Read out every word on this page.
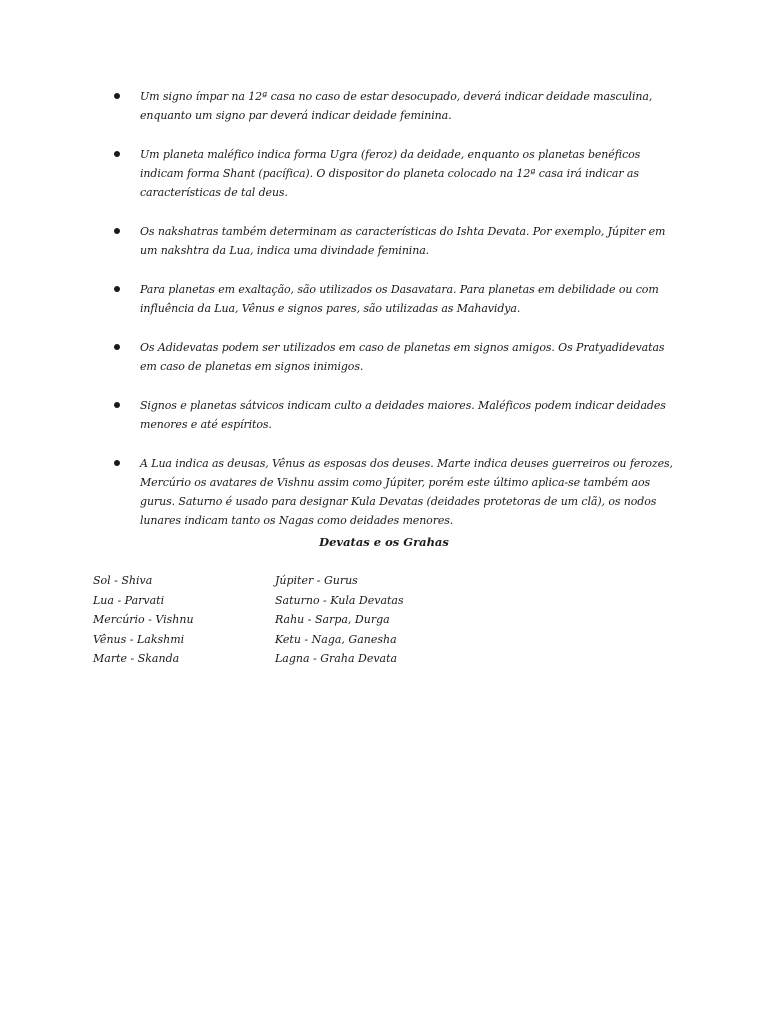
Um signo ímpar na 12ª casa no caso de estar desocupado, deverá indicar deidade masculina, enquanto um signo par deverá indicar deidade feminina.
Um planeta maléfico indica forma Ugra (feroz) da deidade, enquanto os planetas benéficos indicam forma Shant (pacífica). O dispositor do planeta colocado na 12ª casa irá indicar as características de tal deus.
Os nakshatras também determinam as características do Ishta Devata. Por exemplo, Júpiter em um nakshtra da Lua, indica uma divindade feminina.
Para planetas em exaltação, são utilizados os Dasavatara. Para planetas em debilidade ou com influência da Lua, Vênus e signos pares, são utilizadas as Mahavidya.
Os Adidevatas podem ser utilizados em caso de planetas em signos amigos. Os Pratyadidevatas em caso de planetas em signos inimigos.
Signos e planetas sátvicos indicam culto a deidades maiores. Maléficos podem indicar deidades menores e até espíritos.
A Lua indica as deusas, Vênus as esposas dos deuses. Marte indica deuses guerreiros ou ferozes, Mercúrio os avatares de Vishnu assim como Júpiter, porém este último aplica-se também aos gurus. Saturno é usado para designar Kula Devatas (deidades protetoras de um clã), os nodos lunares indicam tanto os Nagas como deidades menores.
Devatas e os Grahas
Sol - Shiva	Júpiter - Gurus
Lua - Parvati	Saturno - Kula Devatas
Mercúrio - Vishnu	Rahu - Sarpa, Durga
Vênus - Lakshmi	Ketu - Naga, Ganesha
Marte - Skanda	Lagna - Graha Devata
